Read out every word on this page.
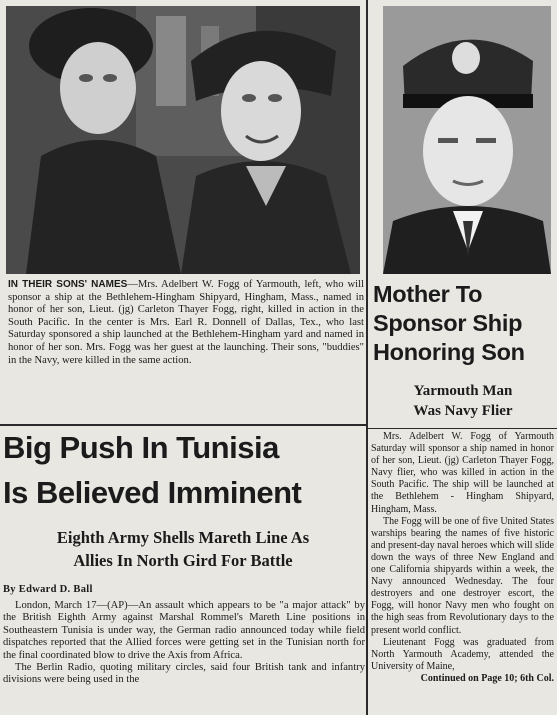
IN THEIR SONS' NAMES—Mrs. Adelbert W. Fogg of Yarmouth, left, who will sponsor a ship at the Bethlehem-Hingham Shipyard, Hingham, Mass., named in honor of her son, Lieut. (jg) Carleton Thayer Fogg, right, killed in action in the South Pacific. In the center is Mrs. Earl R. Donnell of Dallas, Tex., who last Saturday sponsored a ship launched at the Bethlehem-Hingham yard and named in honor of her son. Mrs. Fogg was her guest at the launching. Their sons, "buddies" in the Navy, were killed in the same action.

Mother To
Sponsor Ship
Honoring Son
Yarmouth Man
Was Navy Flier

Mrs. Adelbert W. Fogg of Yarmouth Saturday will sponsor a ship named in honor of her son, Lieut. (jg) Carleton Thayer Fogg, Navy flier, who was killed in action in the South Pacific. The ship will be launched at the Bethlehem - Hingham Shipyard, Hingham, Mass.

The Fogg will be one of five United States warships bearing the names of five historic and present-day naval heroes which will slide down the ways of three New England and one California shipyards within a week, the Navy announced Wednesday. The four destroyers and one destroyer escort, the Fogg, will honor Navy men who fought on the high seas from Revolutionary days to the present world conflict.

Lieutenant Fogg was graduated from North Yarmouth Academy, attended the University of Maine,

Continued on Page 10; 6th Col.

Big Push In Tunisia
Is Believed Imminent
Eighth Army Shells Mareth Line As
Allies In North Gird For Battle

By Edward D. Ball

London, March 17—(AP)—An assault which appears to be "a major attack" by the British Eighth Army against Marshal Rommel's Mareth Line positions in Southeastern Tunisia is under way, the German radio announced today while field dispatches reported that the Allied forces were getting set in the Tunisian north for the final coordinated blow to drive the Axis from Africa.

The Berlin Radio, quoting military circles, said four British tank and infantry divisions were being used in the
